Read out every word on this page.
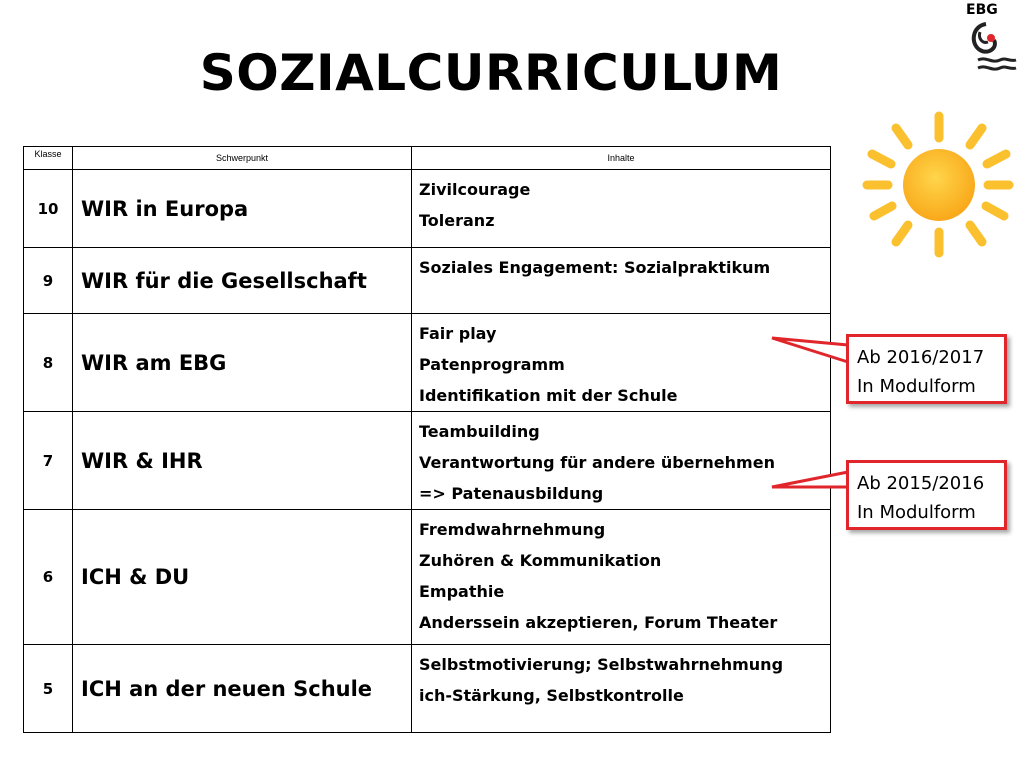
SOZIALCURRICULUM
EBG
Klasse	Schwerpunkt	Inhalte
10	WIR in Europa	Zivilcourage
Toleranz

9	WIR für die Gesellschaft	Soziales Engagement: Sozialpraktikum

8	WIR am EBG	Fair play
Patenprogramm
Identifikation mit der Schule

7	WIR & IHR	Teambuilding
Verantwortung für andere übernehmen
=> Patenausbildung

6	ICH & DU	Fremdwahrnehmung
Zuhören & Kommunikation
Empathie
Anderssein akzeptieren, Forum Theater

5	ICH an der neuen Schule	Selbstmotivierung; Selbstwahrnehmung
ich-Stärkung, Selbstkontrolle
Ab 2016/2017
In Modulform
Ab 2015/2016
In Modulform
